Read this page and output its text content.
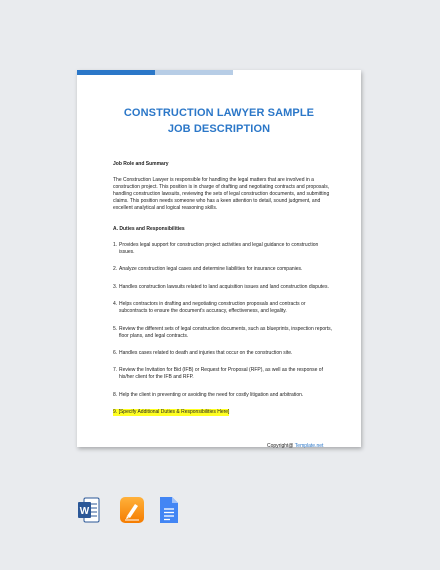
CONSTRUCTION LAWYER SAMPLE
JOB DESCRIPTION
Job Role and Summary

The Construction Lawyer is responsible for handling the legal matters that are involved in a construction project. This position is in charge of drafting and negotiating contracts and proposals, handling construction lawsuits, reviewing the sets of legal construction documents, and submitting claims. This position needs someone who has a keen attention to detail, sound judgment, and excellent analytical and logical reasoning skills.

A. Duties and Responsibilities
1. Provides legal support for construction project activities and legal guidance to construction issues.
2. Analyze construction legal cases and determine liabilities for insurance companies.
3. Handles construction lawsuits related to land acquisition issues and land construction disputes.
4. Helps contractors in drafting and negotiating construction proposals and contracts or subcontracts to ensure the document’s accuracy, effectiveness, and legality.
5. Review the different sets of legal construction documents, such as blueprints, inspection reports, floor plans, and legal contracts.
6. Handles cases related to death and injuries that occur on the construction site.
7. Review the Invitation for Bid (IFB) or Request for Proposal (RFP), as well as the response of his/her client for the IFB and RFP.
8. Help the client in preventing or avoiding the need for costly litigation and arbitration.
9. [Specify Additional Duties & Responsibilities Here]
Copyright@ Template.net
W
